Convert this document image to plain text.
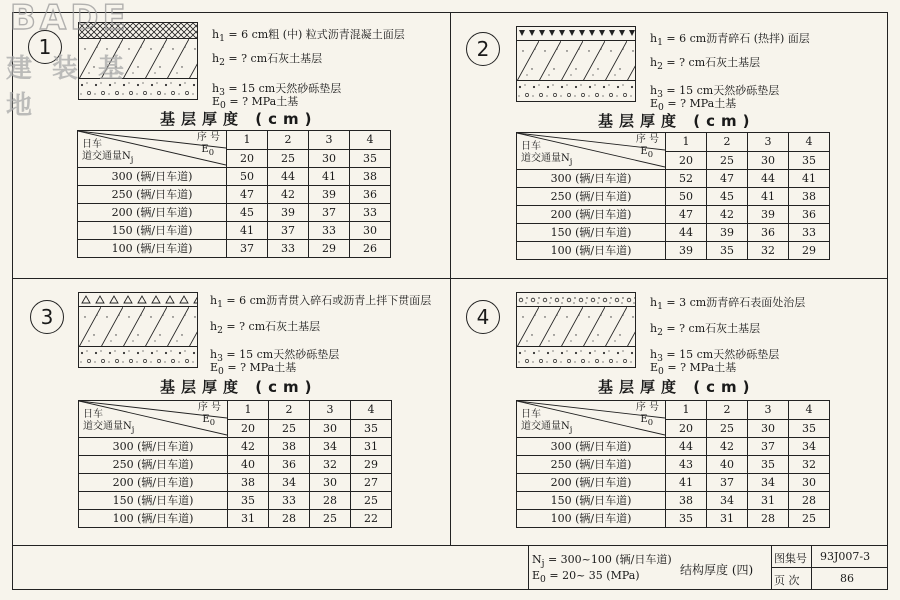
1
$h_1 = 6$ cm粗 (中) 粒式沥青混凝土面层
$h_2$ = ? cm石灰土基层
$h_3 = 15$ cm天然砂砾垫层
$E_0$ = ? MPa土基
基层厚度 (cm)
序 号
$E_0$
日车
道交通量$N_j$	1	2	3	4
	20	25	30	35
300 (辆/日车道)	50	44	41	38
250 (辆/日车道)	47	42	39	36
200 (辆/日车道)	45	39	37	33
150 (辆/日车道)	41	37	33	30
100 (辆/日车道)	37	33	29	26
2	$h_1 = 6$ cm沥青碎石 (热拌) 面层
$h_2$ = ? cm石灰土基层
$h_3 = 15$ cm天然砂砾垫层
$E_0$ = ? MPa土基
基层厚度 (cm)
序 号
$E_0$
日车
道交通量$N_j$	1	2	3	4
	20	25	30	35
300 (辆/日车道)	52	47	44	41
250 (辆/日车道)	50	45	41	38
200 (辆/日车道)	47	42	39	36
150 (辆/日车道)	44	39	36	33
100 (辆/日车道)	39	35	32	29
3
$h_1 = 6$ cm沥青贯入碎石或沥青上拌下贯面层
$h_2$ = ? cm石灰土基层
$h_3 = 15$ cm天然砂砾垫层
$E_0$ = ? MPa土基
基层厚度 (cm)
序 号
$E_0$
日车
道交通量$N_j$	1	2	3	4
	20	25	30	35
300 (辆/日车道)	42	38	34	31
250 (辆/日车道)	40	36	32	29
200 (辆/日车道)	38	34	30	27
150 (辆/日车道)	35	33	28	25
100 (辆/日车道)	31	28	25	22
4
$h_1 = 3$ cm沥青碎石表面处治层
$h_2$ = ? cm石灰土基层
$h_3 = 15$ cm天然砂砾垫层
$E_0$ = ? MPa土基
基层厚度 (cm)
序 号
$E_0$
日车
道交通量$N_j$	1	2	3	4
	20	25	30	35
300 (辆/日车道)	44	42	37	34
250 (辆/日车道)	43	40	35	32
200 (辆/日车道)	41	37	34	30
150 (辆/日车道)	38	34	31	28
100 (辆/日车道)	35	31	28	25
$N_j$ = 300~100 (辆/日车道)
$E_0$ = 20~ 35 (MPa)	结构厚度 (四)
图集号 93J007-3
页 次	86
BADE
建装基地
